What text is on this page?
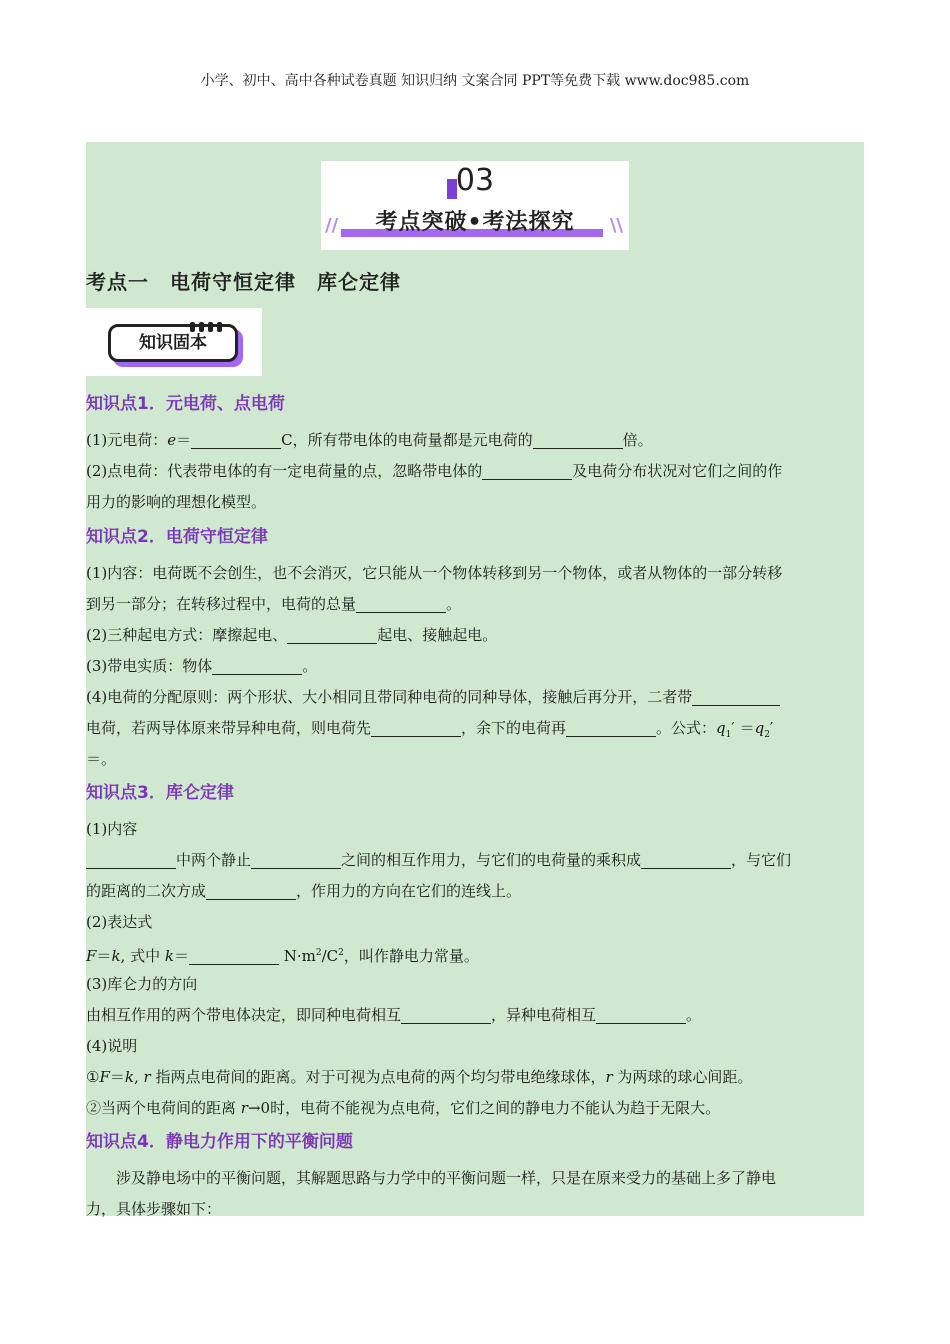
小学、初中、高中各种试卷真题 知识归纳 文案合同 PPT等免费下载 www.doc985.com
03
//	考点突破•考法探究	\\
考点一　电荷守恒定律　库仑定律
知识固本
知识点1．元电荷、点电荷
(1)元电荷：e＝	C，所有带电体的电荷量都是元电荷的	倍。
(2)点电荷：代表带电体的有一定电荷量的点，忽略带电体的	及电荷分布状况对它们之间的作
用力的影响的理想化模型。
知识点2．电荷守恒定律
(1)内容：电荷既不会创生，也不会消灭，它只能从一个物体转移到另一个物体，或者从物体的一部分转移
到另一部分；在转移过程中，电荷的总量	。
(2)三种起电方式：摩擦起电、	起电、接触起电。
(3)带电实质：物体	。
(4)电荷的分配原则：两个形状、大小相同且带同种电荷的同种导体，接触后再分开，二者带
电荷，若两导体原来带异种电荷，则电荷先	，余下的电荷再	。公式：$q_1' =q_2'$
＝。
知识点3．库仑定律
(1)内容
中两个静止	之间的相互作用力，与它们的电荷量的乘积成	，与它们
的距离的二次方成	，作用力的方向在它们的连线上。
(2)表达式
F＝k, 式中 k＝	$N\cdot m^2/C^2$，叫作静电力常量。
(3)库仑力的方向
由相互作用的两个带电体决定，即同种电荷相互	，异种电荷相互	。
(4)说明
①F＝k, r 指两点电荷间的距离。对于可视为点电荷的两个均匀带电绝缘球体，r 为两球的球心间距。
②当两个电荷间的距离 r→0时，电荷不能视为点电荷，它们之间的静电力不能认为趋于无限大。
知识点4．静电力作用下的平衡问题
　　涉及静电场中的平衡问题，其解题思路与力学中的平衡问题一样，只是在原来受力的基础上多了静电
力，具体步骤如下：
